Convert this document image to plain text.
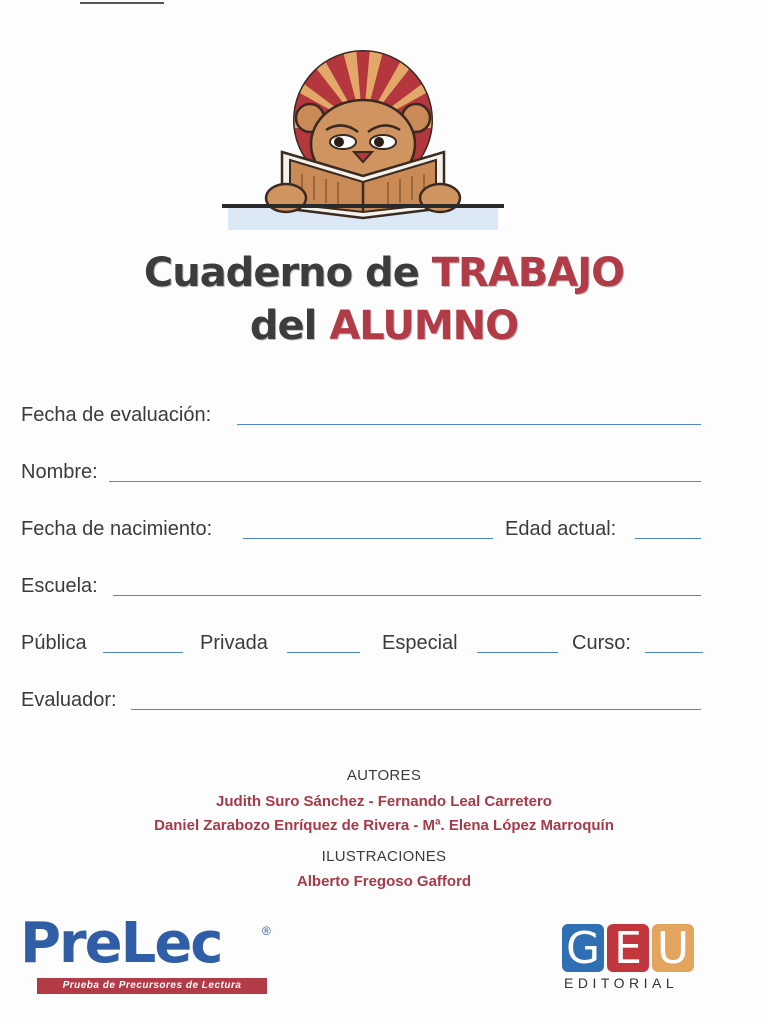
Cuaderno de TRABAJO
del ALUMNO
Fecha de evaluación:
Nombre:
Fecha de nacimiento:	Edad actual:
Escuela:
Pública	Privada	Especial	Curso:
Evaluador:
AUTORES
Judith Suro Sánchez - Fernando Leal Carretero
Daniel Zarabozo Enríquez de Rivera - Mª. Elena López Marroquín
ILUSTRACIONES
Alberto Fregoso Gafford
PreLec	®
Prueba de Precursores de Lectura
G E U
EDITORIAL
